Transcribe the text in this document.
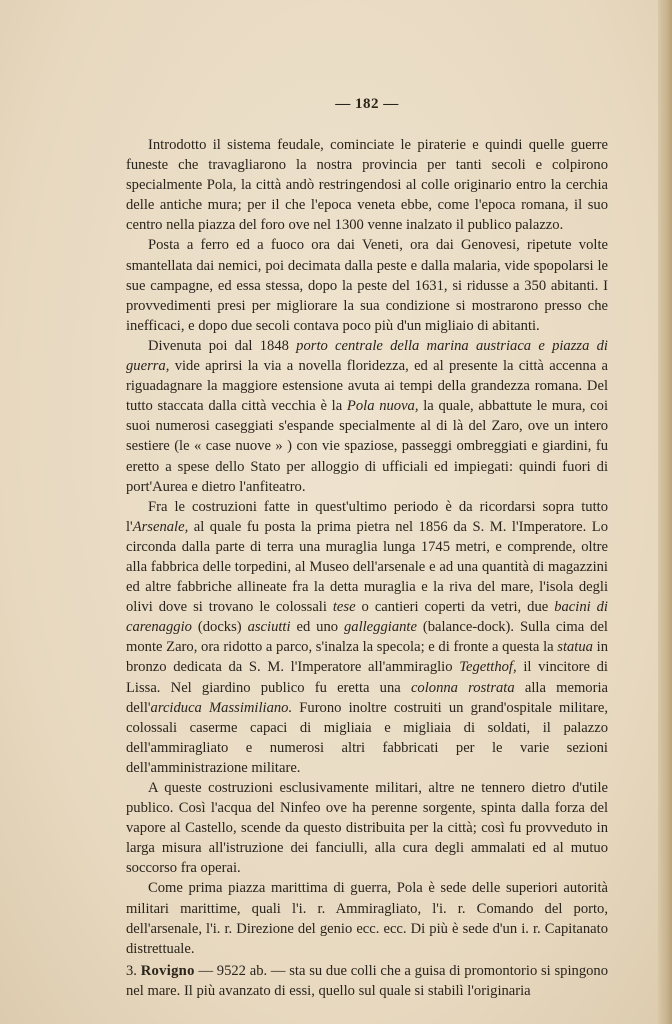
— 182 —

Introdotto il sistema feudale, cominciate le piraterie e quindi quelle guerre funeste che travagliarono la nostra provincia per tanti secoli e colpirono specialmente Pola, la città andò restringendosi al colle originario entro la cerchia delle antiche mura; per il che l'epoca veneta ebbe, come l'epoca romana, il suo centro nella piazza del foro ove nel 1300 venne inalzato il publico palazzo.

Posta a ferro ed a fuoco ora dai Veneti, ora dai Genovesi, ripetute volte smantellata dai nemici, poi decimata dalla peste e dalla malaria, vide spopolarsi le sue campagne, ed essa stessa, dopo la peste del 1631, si ridusse a 350 abitanti. I provvedimenti presi per migliorare la sua condizione si mostrarono presso che inefficaci, e dopo due secoli contava poco più d'un migliaio di abitanti.

Divenuta poi dal 1848 porto centrale della marina austriaca e piazza di guerra, vide aprirsi la via a novella floridezza, ed al presente la città accenna a riguadagnare la maggiore estensione avuta ai tempi della grandezza romana. Del tutto staccata dalla città vecchia è la Pola nuova, la quale, abbattute le mura, coi suoi numerosi caseggiati s'espande specialmente al di là del Zaro, ove un intero sestiere (le « case nuove » ) con vie spaziose, passeggi ombreggiati e giardini, fu eretto a spese dello Stato per alloggio di ufficiali ed impiegati: quindi fuori di port'Aurea e dietro l'anfiteatro.

Fra le costruzioni fatte in quest'ultimo periodo è da ricordarsi sopra tutto l'Arsenale, al quale fu posta la prima pietra nel 1856 da S. M. l'Imperatore. Lo circonda dalla parte di terra una muraglia lunga 1745 metri, e comprende, oltre alla fabbrica delle torpedini, al Museo dell'arsenale e ad una quantità di magazzini ed altre fabbriche allineate fra la detta muraglia e la riva del mare, l'isola degli olivi dove si trovano le colossali tese o cantieri coperti da vetri, due bacini di carenaggio (docks) asciutti ed uno galleggiante (balance-dock). Sulla cima del monte Zaro, ora ridotto a parco, s'inalza la specola; e di fronte a questa la statua in bronzo dedicata da S. M. l'Imperatore all'ammiraglio Tegetthof, il vincitore di Lissa. Nel giardino publico fu eretta una colonna rostrata alla memoria dell'arciduca Massimiliano. Furono inoltre costruiti un grand'ospitale militare, colossali caserme capaci di migliaia e migliaia di soldati, il palazzo dell'ammiragliato e numerosi altri fabbricati per le varie sezioni dell'amministrazione militare.

A queste costruzioni esclusivamente militari, altre ne tennero dietro d'utile publico. Così l'acqua del Ninfeo ove ha perenne sorgente, spinta dalla forza del vapore al Castello, scende da questo distribuita per la città; così fu provveduto in larga misura all'istruzione dei fanciulli, alla cura degli ammalati ed al mutuo soccorso fra operai.

Come prima piazza marittima di guerra, Pola è sede delle superiori autorità militari marittime, quali l'i. r. Ammiragliato, l'i. r. Comando del porto, dell'arsenale, l'i. r. Direzione del genio ecc. ecc. Di più è sede d'un i. r. Capitanato distrettuale.

3. Rovigno — 9522 ab. — sta su due colli che a guisa di promontorio si spingono nel mare. Il più avanzato di essi, quello sul quale si stabilì l'originaria
